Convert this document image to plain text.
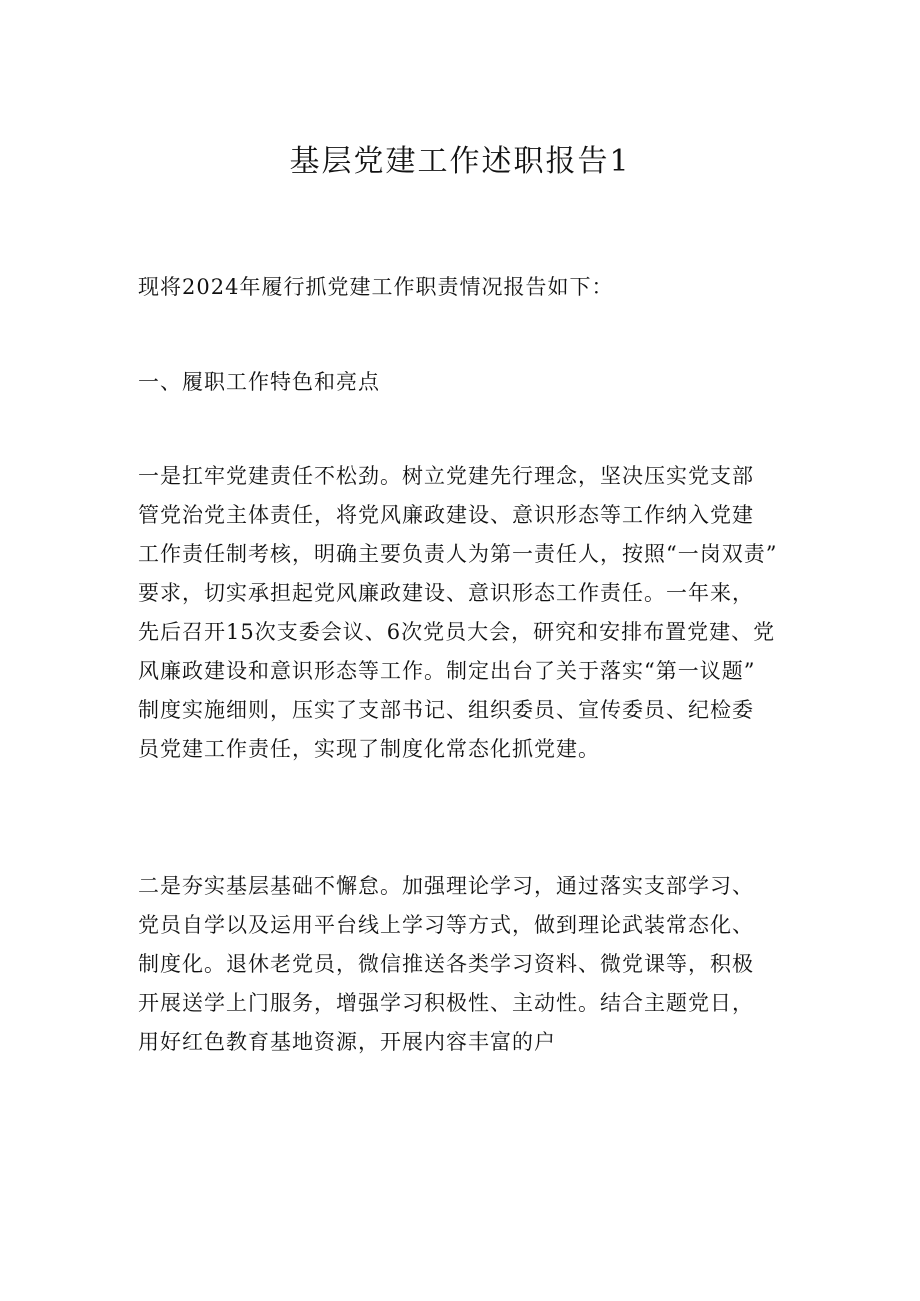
基层党建工作述职报告1

现将2024年履行抓党建工作职责情况报告如下：

一、履职工作特色和亮点

一是扛牢党建责任不松劲。树立党建先行理念，坚决压实党支部
管党治党主体责任，将党风廉政建设、意识形态等工作纳入党建
工作责任制考核，明确主要负责人为第一责任人，按照“一岗双责”
要求，切实承担起党风廉政建设、意识形态工作责任。一年来，
先后召开15次支委会议、6次党员大会，研究和安排布置党建、党
风廉政建设和意识形态等工作。制定出台了关于落实“第一议题”
制度实施细则，压实了支部书记、组织委员、宣传委员、纪检委
员党建工作责任，实现了制度化常态化抓党建。

二是夯实基层基础不懈怠。加强理论学习，通过落实支部学习、
党员自学以及运用平台线上学习等方式，做到理论武装常态化、
制度化。退休老党员，微信推送各类学习资料、微党课等，积极
开展送学上门服务，增强学习积极性、主动性。结合主题党日，
用好红色教育基地资源，开展内容丰富的户
